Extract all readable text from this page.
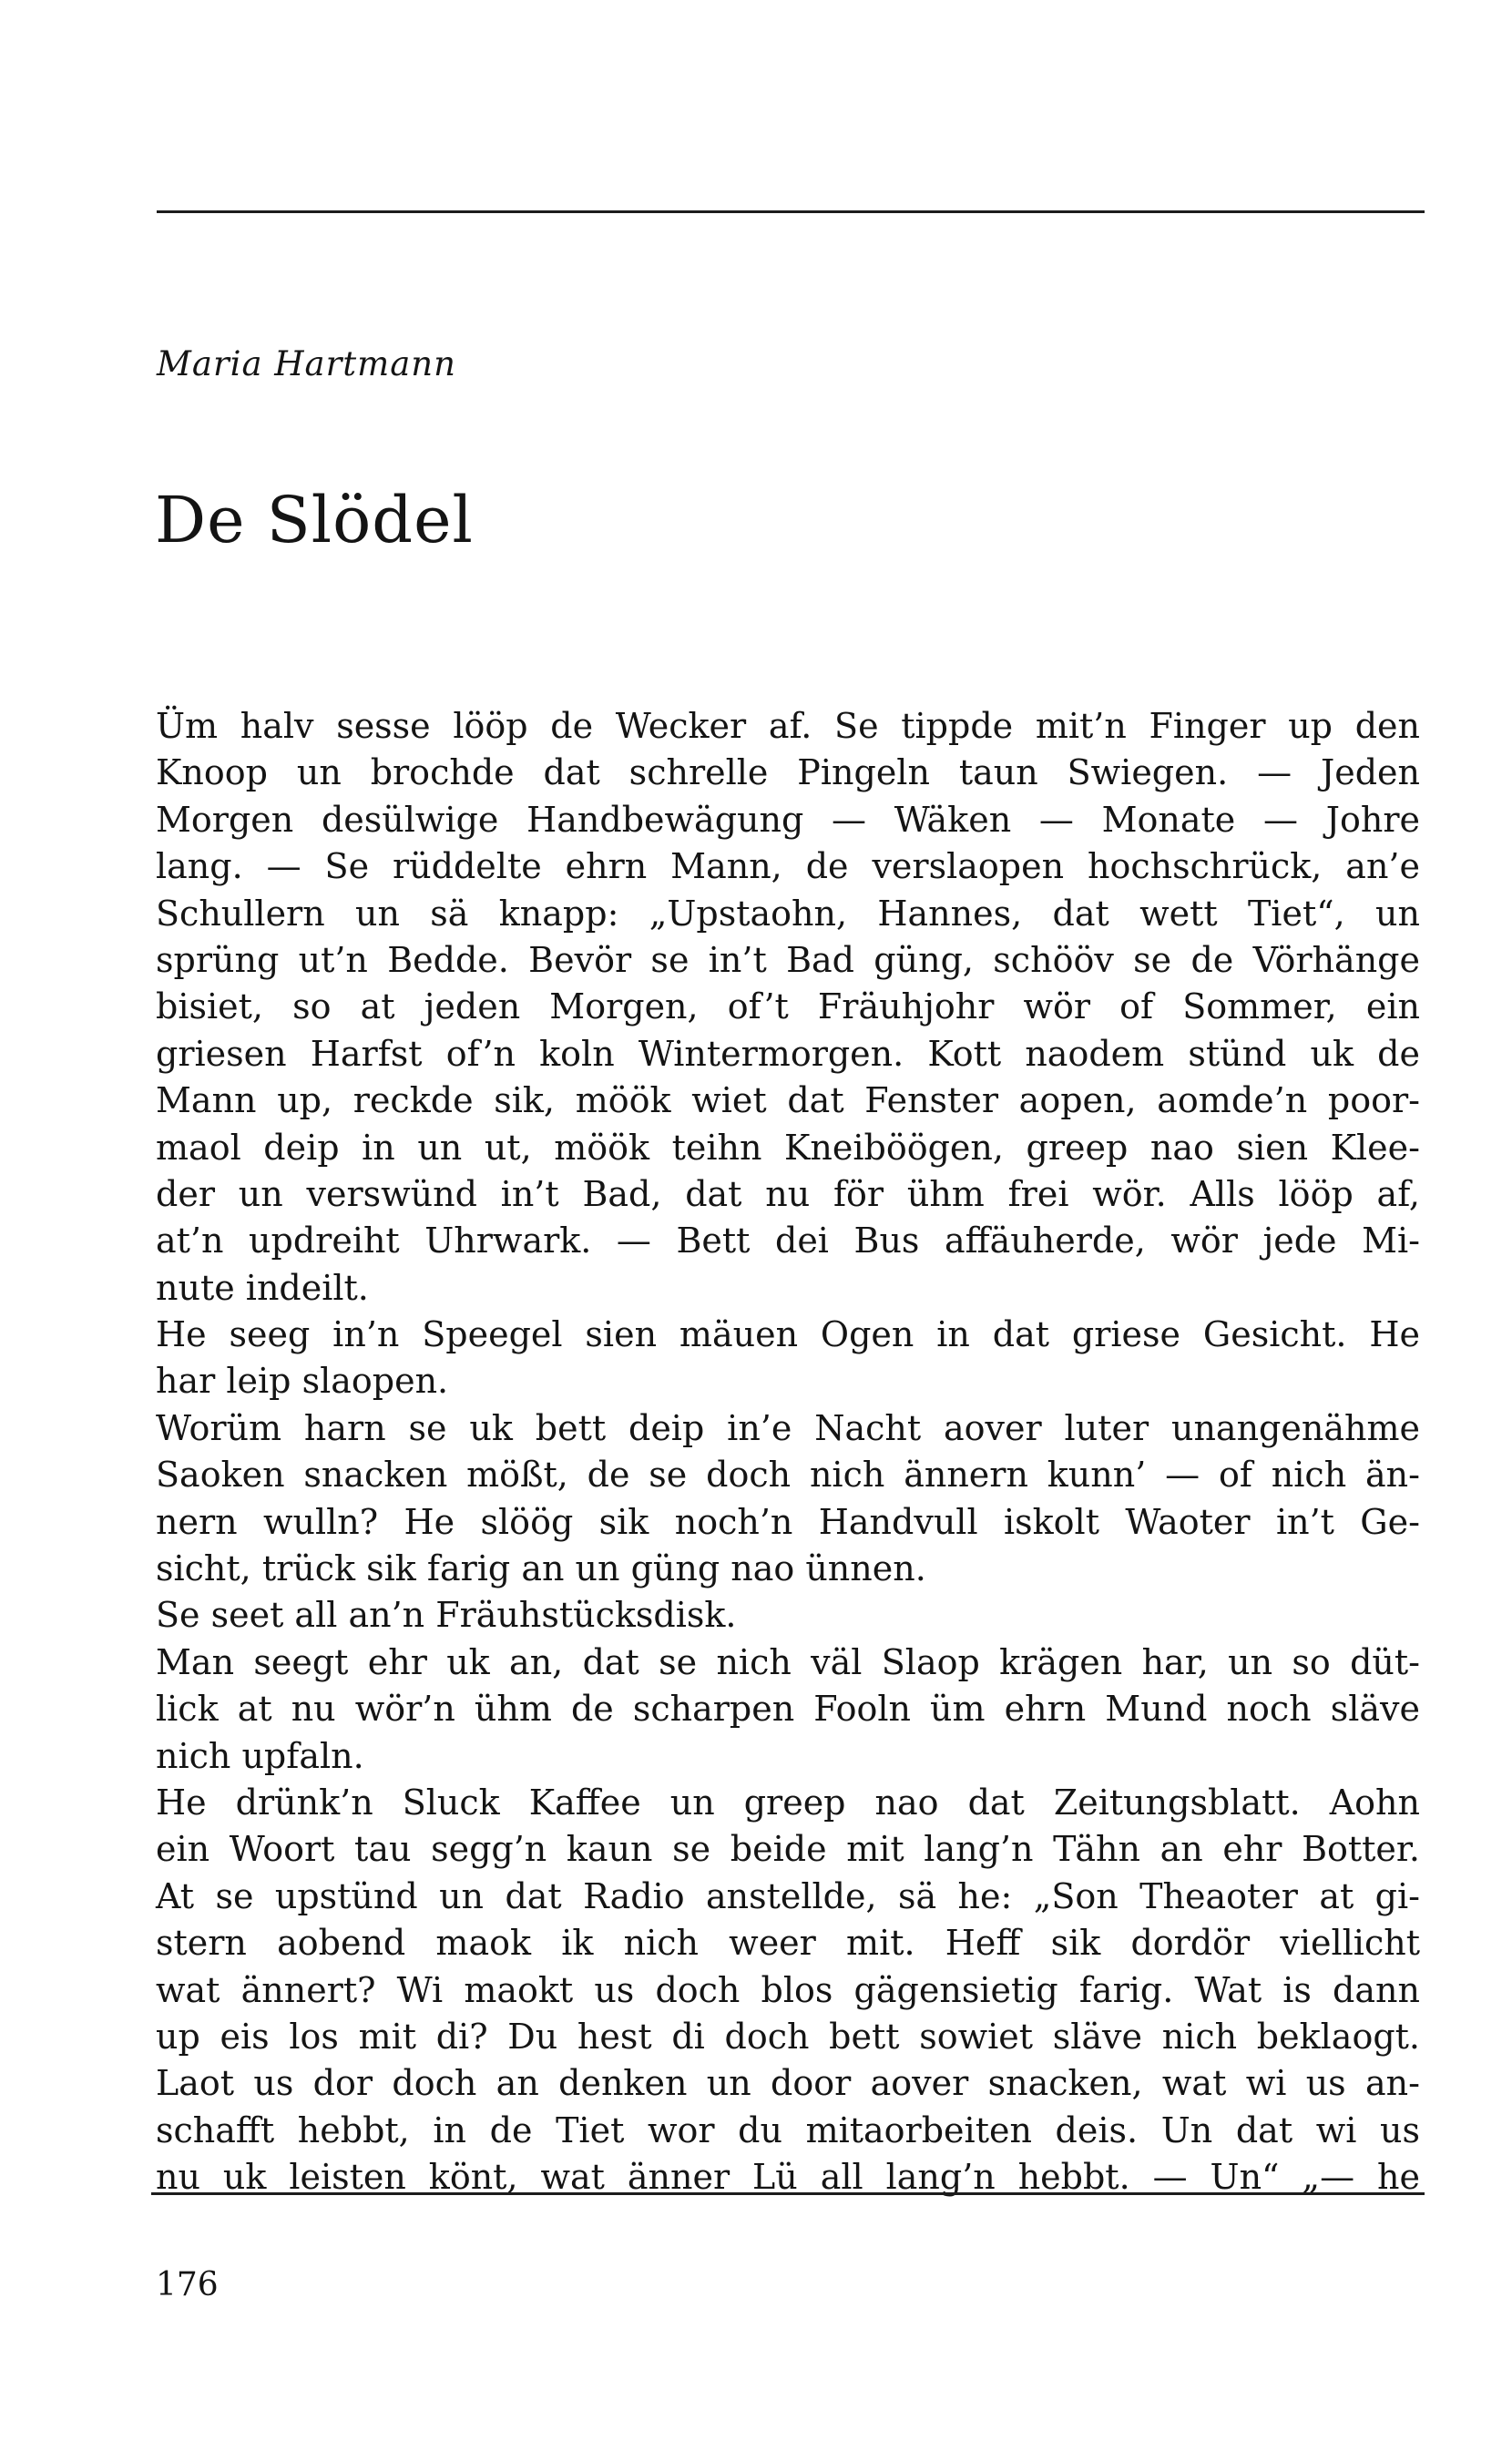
Maria Hartmann
De Slödel
Üm halv sesse lööp de Wecker af. Se tippde mit’n Finger up den
Knoop un brochde dat schrelle Pingeln taun Swiegen. — Jeden
Morgen desülwige Handbewägung — Wäken — Monate — Johre
lang. — Se rüddelte ehrn Mann, de verslaopen hochschrück, an’e
Schullern un sä knapp: „Upstaohn, Hannes, dat wett Tiet“, un
sprüng ut’n Bedde. Bevör se in’t Bad güng, schööv se de Vörhänge
bisiet, so at jeden Morgen, of’t Fräuhjohr wör of Sommer, ein
griesen Harfst of’n koln Wintermorgen. Kott naodem stünd uk de
Mann up, reckde sik, möök wiet dat Fenster aopen, aomde’n poor-
maol deip in un ut, möök teihn Kneiböögen, greep nao sien Klee-
der un verswünd in’t Bad, dat nu för ühm frei wör. Alls lööp af,
at’n updreiht Uhrwark. — Bett dei Bus affäuherde, wör jede Mi-
nute indeilt.
He seeg in’n Speegel sien mäuen Ogen in dat griese Gesicht. He
har leip slaopen.
Worüm harn se uk bett deip in’e Nacht aover luter unangenähme
Saoken snacken mößt, de se doch nich ännern kunn’ — of nich än-
nern wulln? He slöög sik noch’n Handvull iskolt Waoter in’t Ge-
sicht, trück sik farig an un güng nao ünnen.
Se seet all an’n Fräuhstücksdisk.
Man seegt ehr uk an, dat se nich väl Slaop krägen har, un so düt-
lick at nu wör’n ühm de scharpen Fooln üm ehrn Mund noch släve
nich upfaln.
He drünk’n Sluck Kaffee un greep nao dat Zeitungsblatt. Aohn
ein Woort tau segg’n kaun se beide mit lang’n Tähn an ehr Botter.
At se upstünd un dat Radio anstellde, sä he: „Son Theaoter at gi-
stern aobend maok ik nich weer mit. Heff sik dordör viellicht
wat ännert? Wi maokt us doch blos gägensietig farig. Wat is dann
up eis los mit di? Du hest di doch bett sowiet släve nich beklaogt.
Laot us dor doch an denken un door aover snacken, wat wi us an-
schafft hebbt, in de Tiet wor du mitaorbeiten deis. Un dat wi us
nu uk leisten könt, wat änner Lü all lang’n hebbt. — Un“ „— he
176
